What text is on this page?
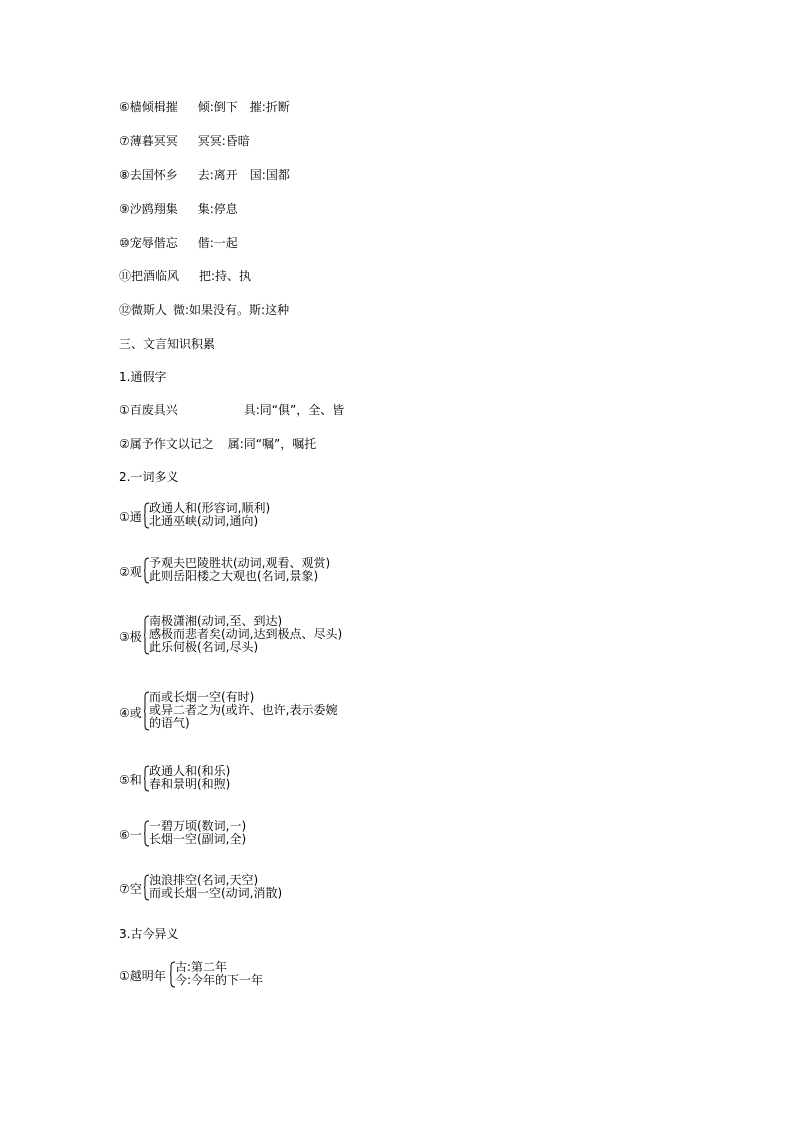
⑥樯倾楫摧 倾:倒下　摧:折断
⑦薄暮冥冥 冥冥:昏暗
⑧去国怀乡 去:离开　国:国都
⑨沙鸥翔集 集:停息
⑩宠辱偕忘 偕:一起
⑪把酒临风 把:持、执
⑫微斯人 微:如果没有。斯:这种
三、文言知识积累
1.通假字
①百废具兴	具:同“俱”，全、皆
②属予作文以记之 属:同“嘱”，嘱托
2.一词多义
①通
政通人和(形容词,顺利)
北通巫峡(动词,通向)
②观
予观夫巴陵胜状(动词,观看、观赏)
此则岳阳楼之大观也(名词,景象)
③极
南极潇湘(动词,至、到达)
感极而悲者矣(动词,达到极点、尽头)
此乐何极(名词,尽头)
④或
而或长烟一空(有时)
或异二者之为(或许、也许,表示委婉
的语气)
⑤和
政通人和(和乐)
春和景明(和煦)
⑥一
一碧万顷(数词,一)
长烟一空(副词,全)
⑦空
浊浪排空(名词,天空)
而或长烟一空(动词,消散)
3.古今异义
①越明年
古:第二年
今:今年的下一年
